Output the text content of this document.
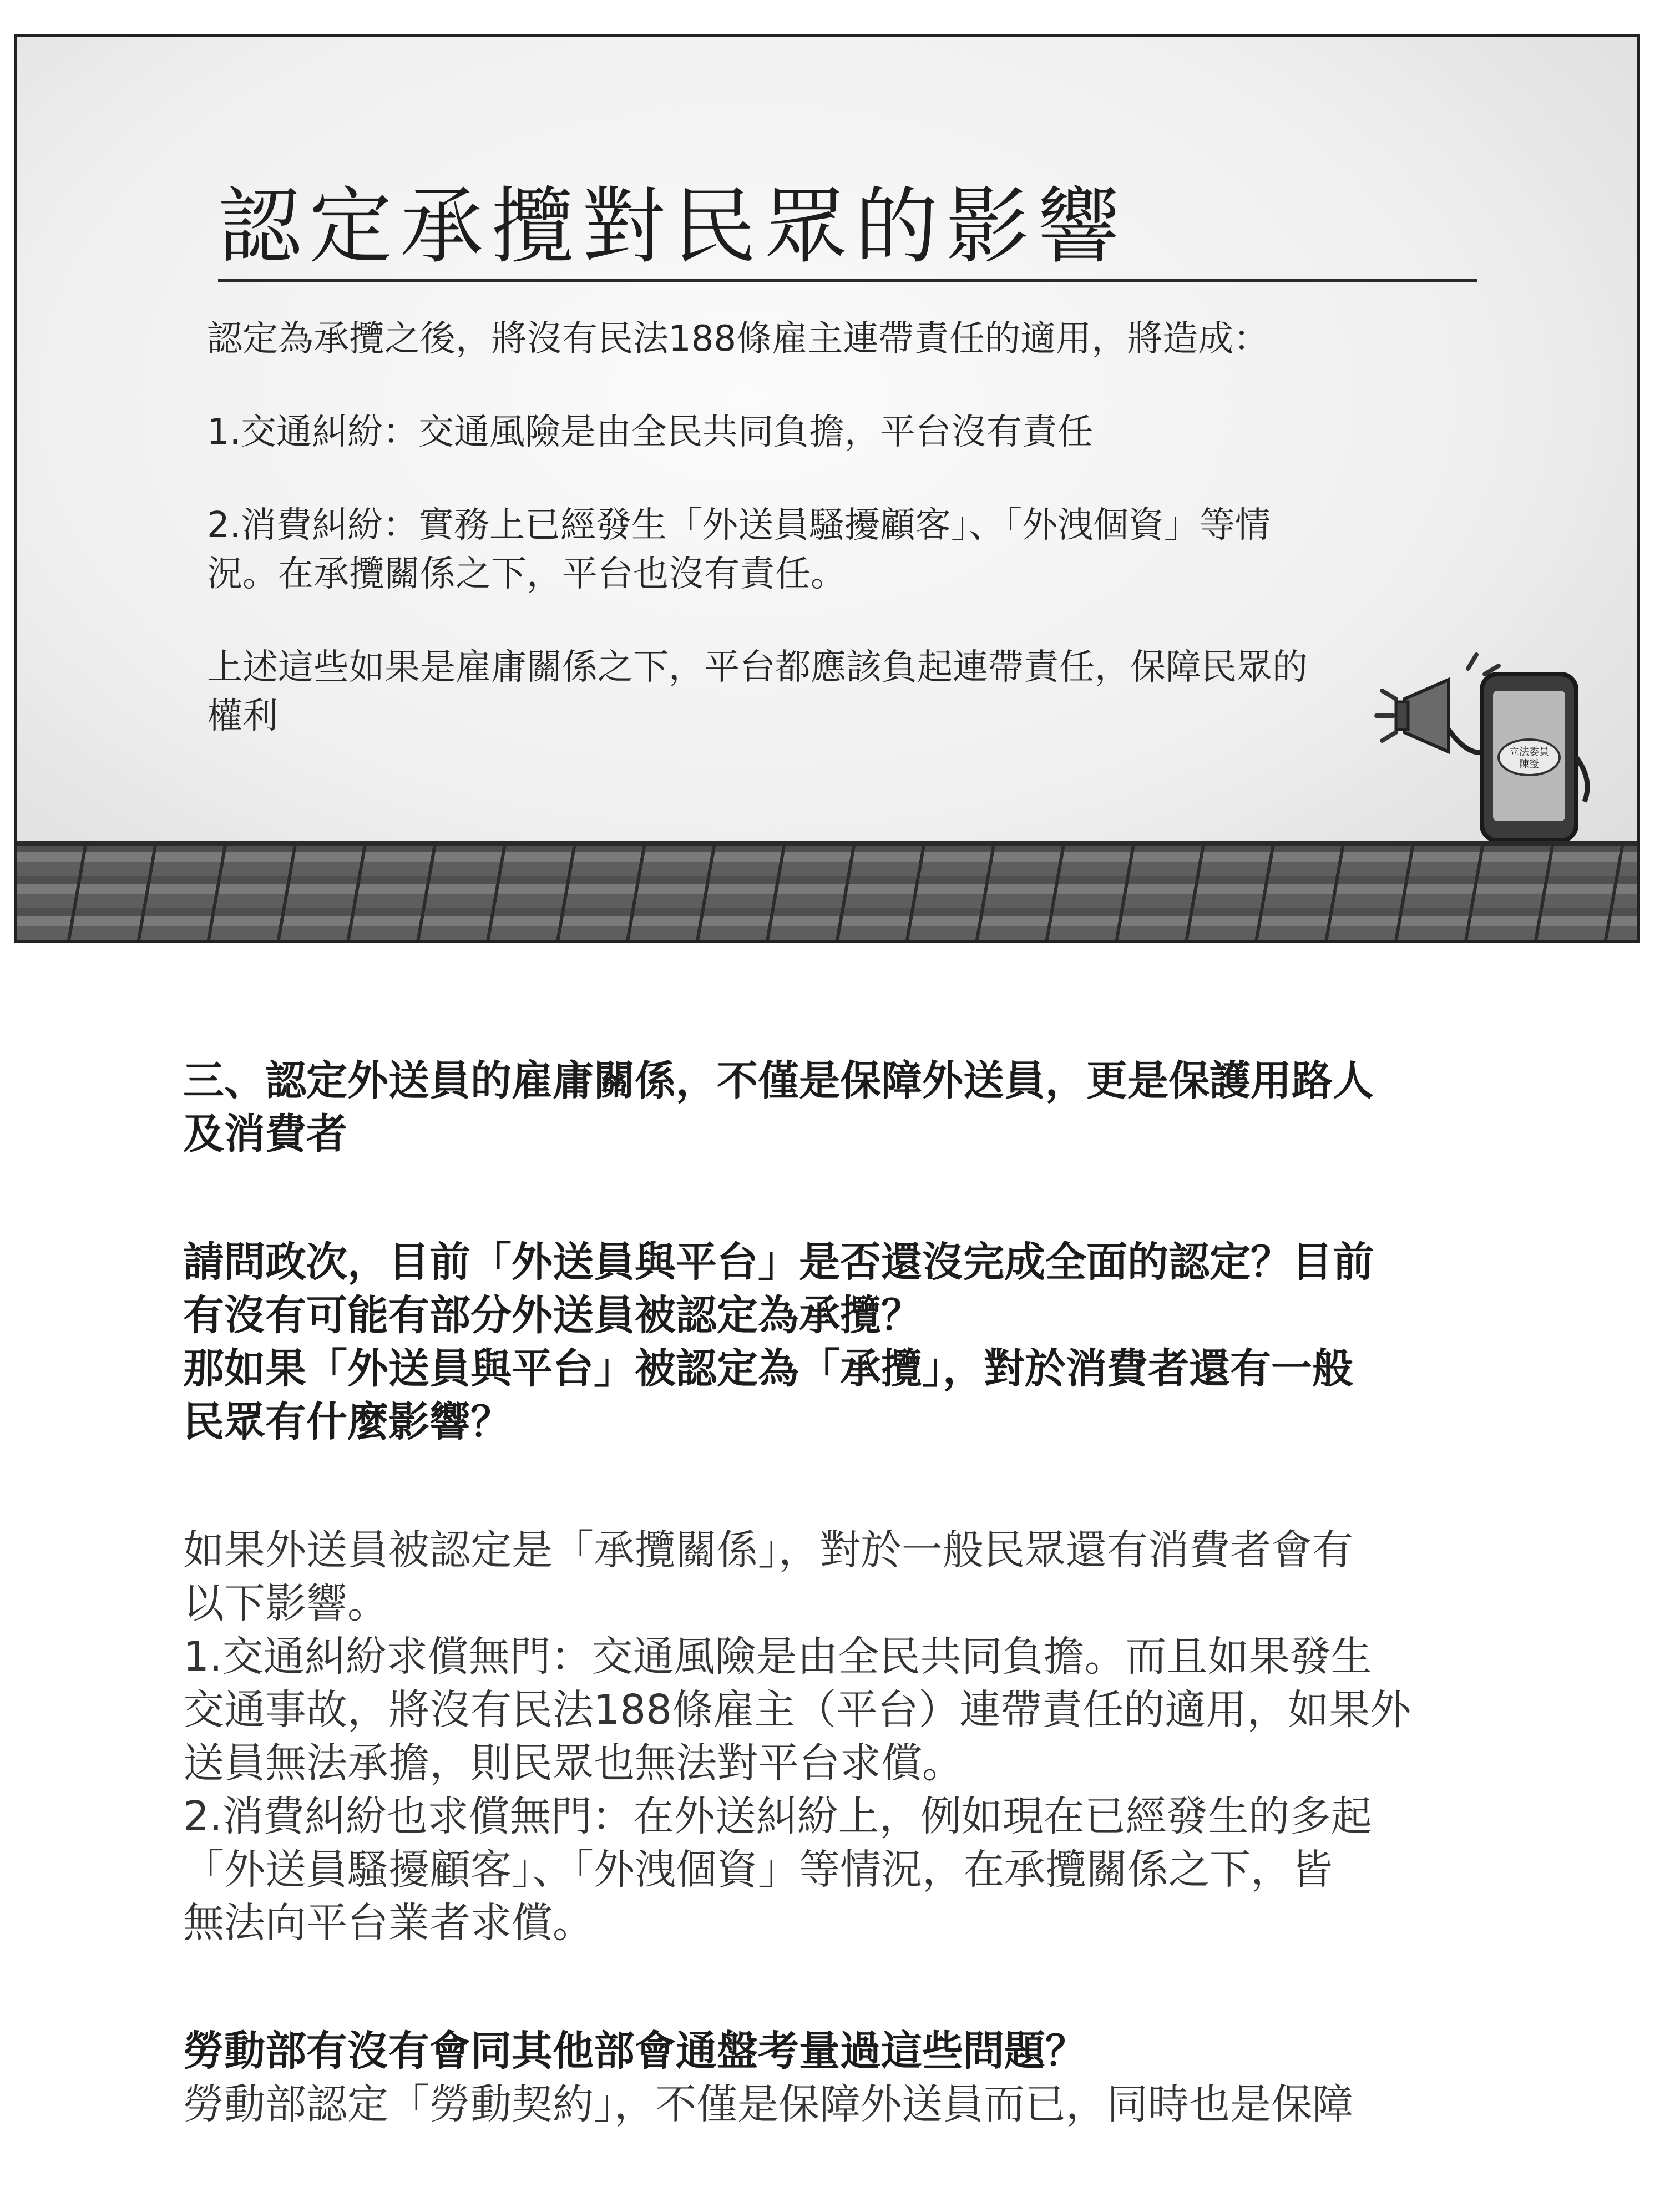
認定承攬對民眾的影響

認定為承攬之後，將沒有民法188條雇主連帶責任的適用，將造成：

1.交通糾紛：交通風險是由全民共同負擔，平台沒有責任

2.消費糾紛：實務上已經發生「外送員騷擾顧客」、「外洩個資」等情
況。在承攬關係之下，平台也沒有責任。

上述這些如果是雇庸關係之下，平台都應該負起連帶責任，保障民眾的
權利

立法委員
陳瑩
三、認定外送員的雇庸關係，不僅是保障外送員，更是保護用路人
及消費者
請問政次，目前「外送員與平台」是否還沒完成全面的認定？目前
有沒有可能有部分外送員被認定為承攬？
那如果「外送員與平台」被認定為「承攬」，對於消費者還有一般
民眾有什麼影響？
如果外送員被認定是「承攬關係」，對於一般民眾還有消費者會有
以下影響。
1.交通糾紛求償無門：交通風險是由全民共同負擔。而且如果發生
交通事故，將沒有民法188條雇主（平台）連帶責任的適用，如果外
送員無法承擔，則民眾也無法對平台求償。
2.消費糾紛也求償無門：在外送糾紛上，例如現在已經發生的多起
「外送員騷擾顧客」、「外洩個資」等情況，在承攬關係之下，皆
無法向平台業者求償。
勞動部有沒有會同其他部會通盤考量過這些問題？
勞動部認定「勞動契約」，不僅是保障外送員而已，同時也是保障
